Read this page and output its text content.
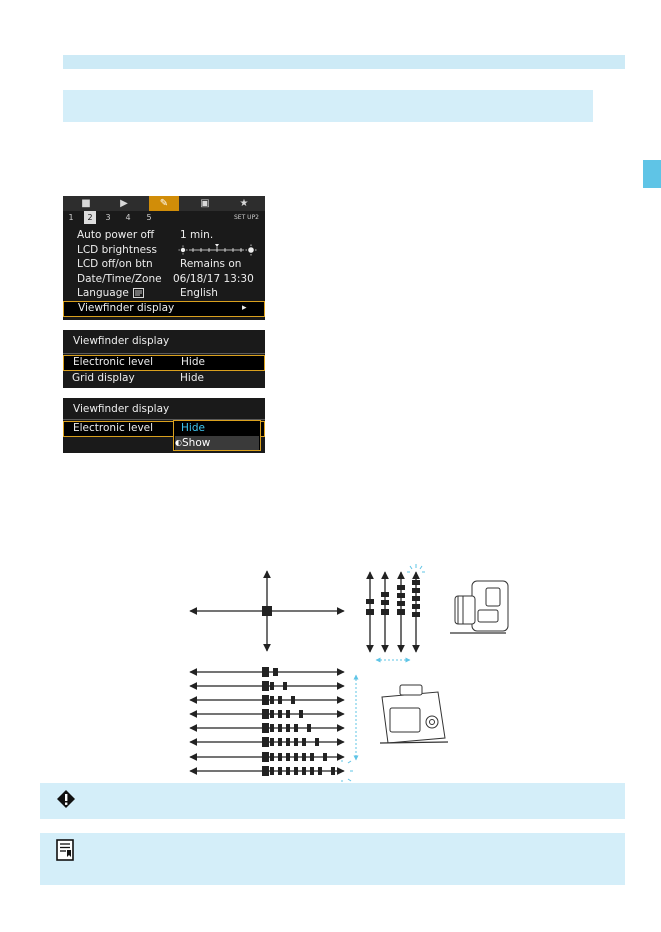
■	▶	✎	▣	★
1	2	3	4	5	SET UP2
Auto power off 1 min.
LCD brightness
LCD off/on btn	Remains on
Date/Time/Zone 06/18/17 13:30
Language	English
Viewfinder display	▸
Viewfinder display
Electronic level	Hide
Grid display	Hide
Viewfinder display
Electronic level	Hide
◐ Show
